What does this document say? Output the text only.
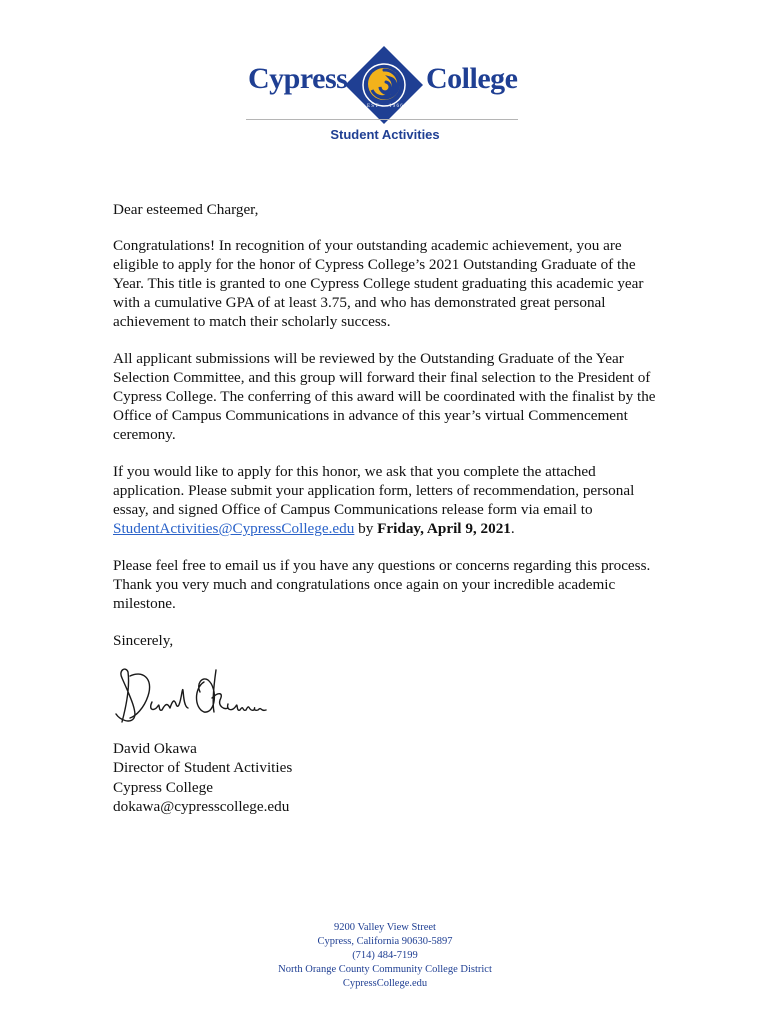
Cypress
E S T 1 9 6 6
College
Student Activities

Dear esteemed Charger,

Congratulations! In recognition of your outstanding academic achievement, you are eligible to apply for the honor of Cypress College’s 2021 Outstanding Graduate of the Year. This title is granted to one Cypress College student graduating this academic year with a cumulative GPA of at least 3.75, and who has demonstrated great personal achievement to match their scholarly success.

All applicant submissions will be reviewed by the Outstanding Graduate of the Year Selection Committee, and this group will forward their final selection to the President of Cypress College. The conferring of this award will be coordinated with the finalist by the Office of Campus Communications in advance of this year’s virtual Commencement ceremony.

If you would like to apply for this honor, we ask that you complete the attached application. Please submit your application form, letters of recommendation, personal essay, and signed Office of Campus Communications release form via email to StudentActivities@CypressCollege.edu by Friday, April 9, 2021.

Please feel free to email us if you have any questions or concerns regarding this process. Thank you very much and congratulations once again on your incredible academic milestone.

Sincerely,

David Okawa
Director of Student Activities
Cypress College
dokawa@cypresscollege.edu
9200 Valley View Street
Cypress, California 90630-5897
(714) 484-7199
North Orange County Community College District
CypressCollege.edu
